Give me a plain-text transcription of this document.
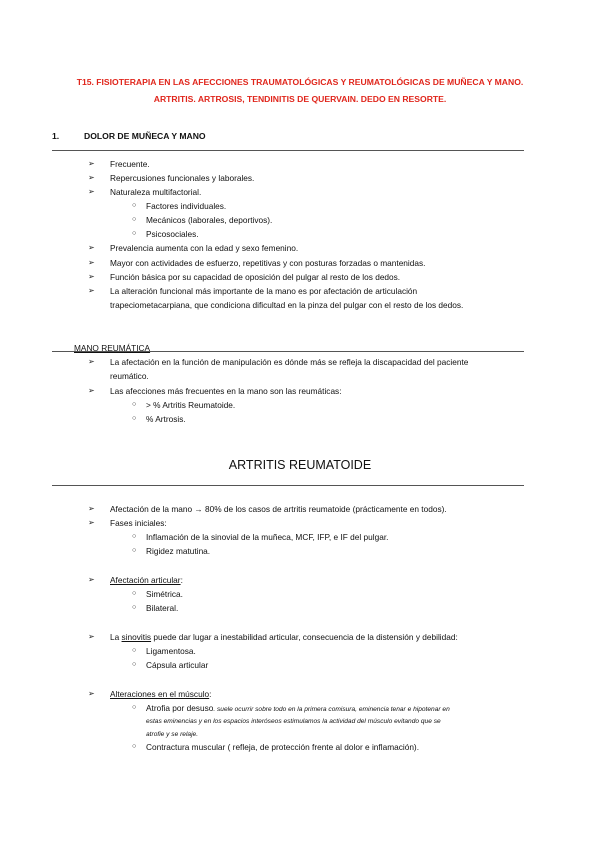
T15. FISIOTERAPIA EN LAS AFECCIONES TRAUMATOLÓGICAS Y REUMATOLÓGICAS DE MUÑECA Y MANO.
ARTRITIS. ARTROSIS, TENDINITIS DE QUERVAIN. DEDO EN RESORTE.
1.	DOLOR DE MUÑECA Y MANO
➢ Frecuente.
➢ Repercusiones funcionales y laborales.
➢ Naturaleza multifactorial.
○ Factores individuales.
○ Mecánicos (laborales, deportivos).
○ Psicosociales.
➢ Prevalencia aumenta con la edad y sexo femenino.
➢ Mayor con actividades de esfuerzo, repetitivas y con posturas forzadas o mantenidas.
➢ Función básica por su capacidad de oposición del pulgar al resto de los dedos.
➢ La alteración funcional más importante de la mano es por afectación de articulación
trapeciometacarpiana, que condiciona dificultad en la pinza del pulgar con el resto de los dedos.
MANO REUMÁTICA
➢ La afectación en la función de manipulación es dónde más se refleja la discapacidad del paciente
reumático.
➢ Las afecciones más frecuentes en la mano son las reumáticas:
○ > % Artritis Reumatoide.
○ % Artrosis.
ARTRITIS REUMATOIDE
➢ Afectación de la mano → 80% de los casos de artritis reumatoide (prácticamente en todos).
➢ Fases iniciales:
○ Inflamación de la sinovial de la muñeca, MCF, IFP, e IF del pulgar.
○ Rigidez matutina.
➢ Afectación articular:
○ Simétrica.
○ Bilateral.
➢ La sinovitis puede dar lugar a inestabilidad articular, consecuencia de la distensión y debilidad:
○ Ligamentosa.
○ Cápsula articular
➢ Alteraciones en el músculo:
○ Atrofia por desuso. suele ocurrir sobre todo en la primera comisura, eminencia tenar e hipotenar en
estas eminencias y en los espacios interóseos estimulamos la actividad del músculo evitando que se
atrofie y se relaje.
○ Contractura muscular ( refleja, de protección frente al dolor e inflamación).
